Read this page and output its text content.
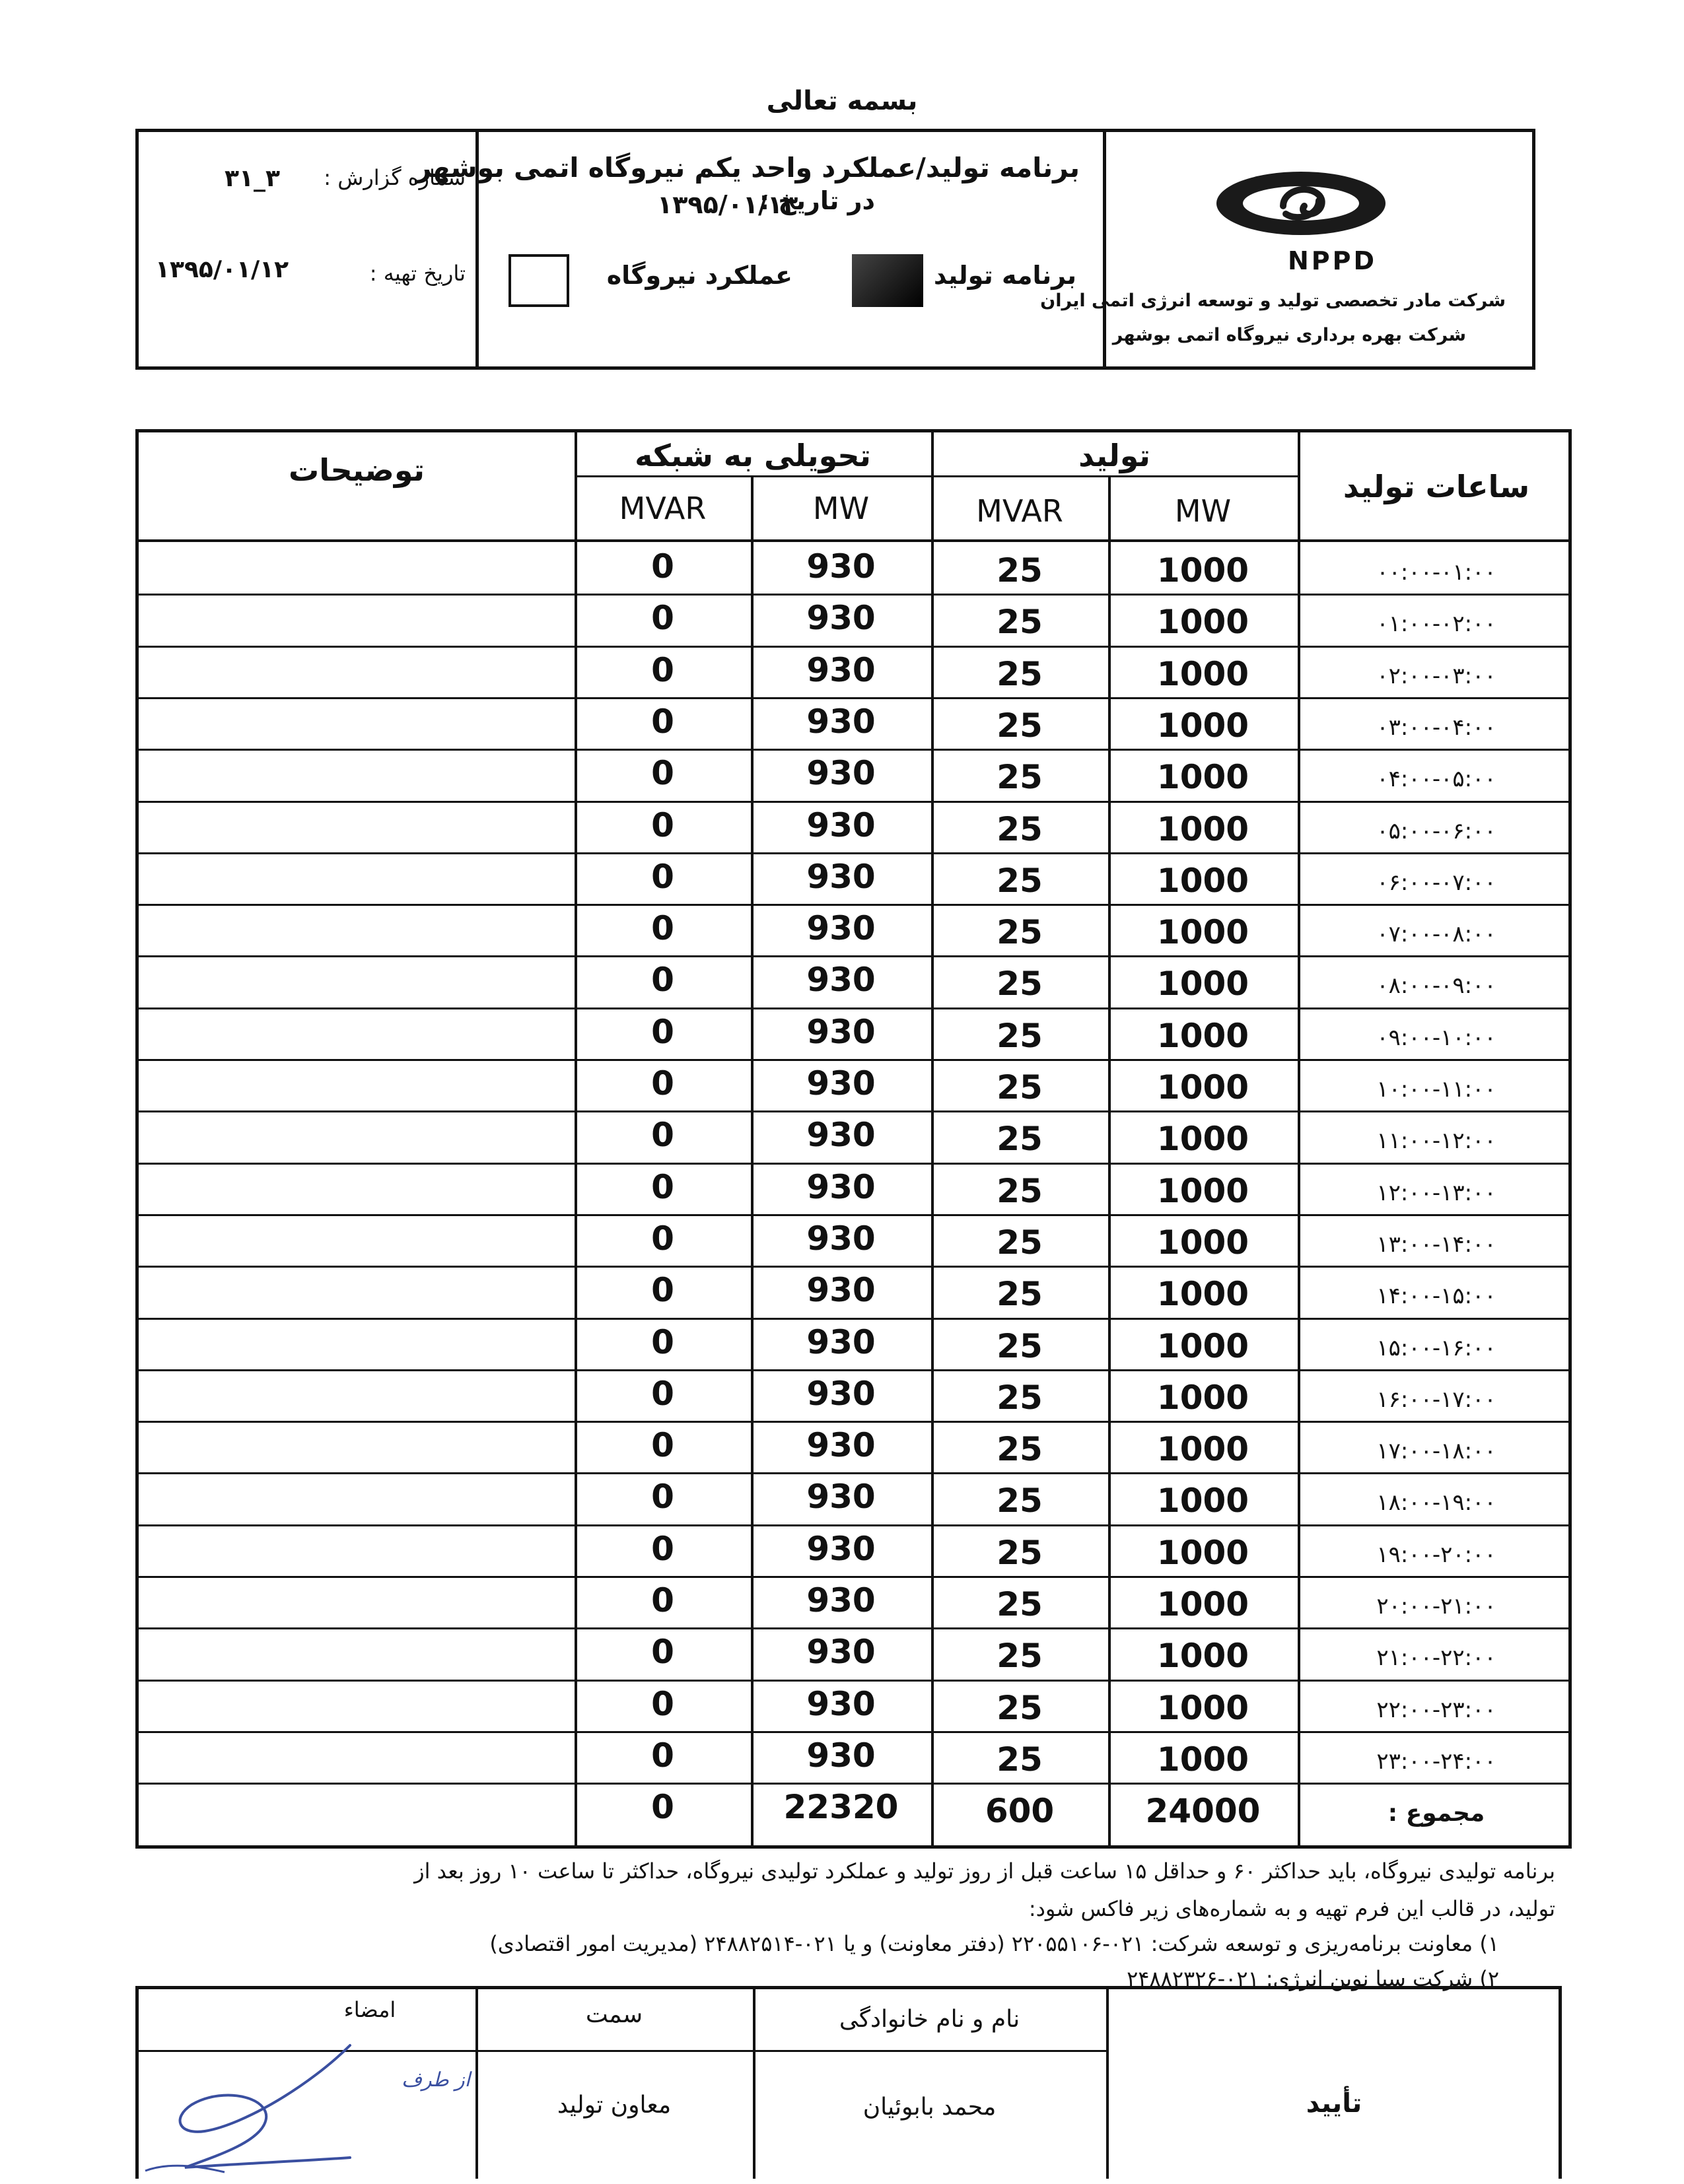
بسمه تعالی
NPPD
شرکت مادر تخصصی تولید و توسعه انرژی اتمی ایران
شرکت بهره برداری نیروگاه اتمی بوشهر
برنامه تولید/عملکرد واحد یکم نیروگاه اتمی بوشهر
در تاریخ :
۱۳۹۵/۰۱/۱۳
برنامه تولید
عملکرد نیروگاه
شماره گزارش :
۳۱_۳
تاریخ تهیه :
۱۳۹۵/۰۱/۱۲
ساعات تولید
تولید
تحویلی به شبکه
توضیحات
MW
MVAR
MW
MVAR
۰۰:۰۰-۰۱:۰۰
1000
25
930
0
۰۱:۰۰-۰۲:۰۰
1000
25
930
0
۰۲:۰۰-۰۳:۰۰
1000
25
930
0
۰۳:۰۰-۰۴:۰۰
1000
25
930
0
۰۴:۰۰-۰۵:۰۰
1000
25
930
0
۰۵:۰۰-۰۶:۰۰
1000
25
930
0
۰۶:۰۰-۰۷:۰۰
1000
25
930
0
۰۷:۰۰-۰۸:۰۰
1000
25
930
0
۰۸:۰۰-۰۹:۰۰
1000
25
930
0
۰۹:۰۰-۱۰:۰۰
1000
25
930
0
۱۰:۰۰-۱۱:۰۰
1000
25
930
0
۱۱:۰۰-۱۲:۰۰
1000
25
930
0
۱۲:۰۰-۱۳:۰۰
1000
25
930
0
۱۳:۰۰-۱۴:۰۰
1000
25
930
0
۱۴:۰۰-۱۵:۰۰
1000
25
930
0
۱۵:۰۰-۱۶:۰۰
1000
25
930
0
۱۶:۰۰-۱۷:۰۰
1000
25
930
0
۱۷:۰۰-۱۸:۰۰
1000
25
930
0
۱۸:۰۰-۱۹:۰۰
1000
25
930
0
۱۹:۰۰-۲۰:۰۰
1000
25
930
0
۲۰:۰۰-۲۱:۰۰
1000
25
930
0
۲۱:۰۰-۲۲:۰۰
1000
25
930
0
۲۲:۰۰-۲۳:۰۰
1000
25
930
0
۲۳:۰۰-۲۴:۰۰
1000
25
930
0
مجموع :
24000
600
22320
0
برنامه تولیدی نیروگاه، باید حداکثر ۶۰ و حداقل ۱۵ ساعت قبل از روز تولید و عملکرد تولیدی نیروگاه، حداکثر تا ساعت ۱۰ روز بعد از
تولید، در قالب این فرم تهیه و به شماره‌های زیر فاکس شود:
۱) معاونت برنامه‌ریزی و توسعه شرکت: ۰۲۱-۲۲۰۵۵۱۰۶ (دفتر معاونت) و یا ۰۲۱-۲۴۸۸۲۵۱۴ (مدیریت امور اقتصادی)
۲) شرکت سبا نوین انرژی: ۰۲۱-۲۴۸۸۲۳۲۶
تأیید
نام و نام خانوادگی
محمد بابوئیان
سمت
معاون تولید
امضاء
از طرف
